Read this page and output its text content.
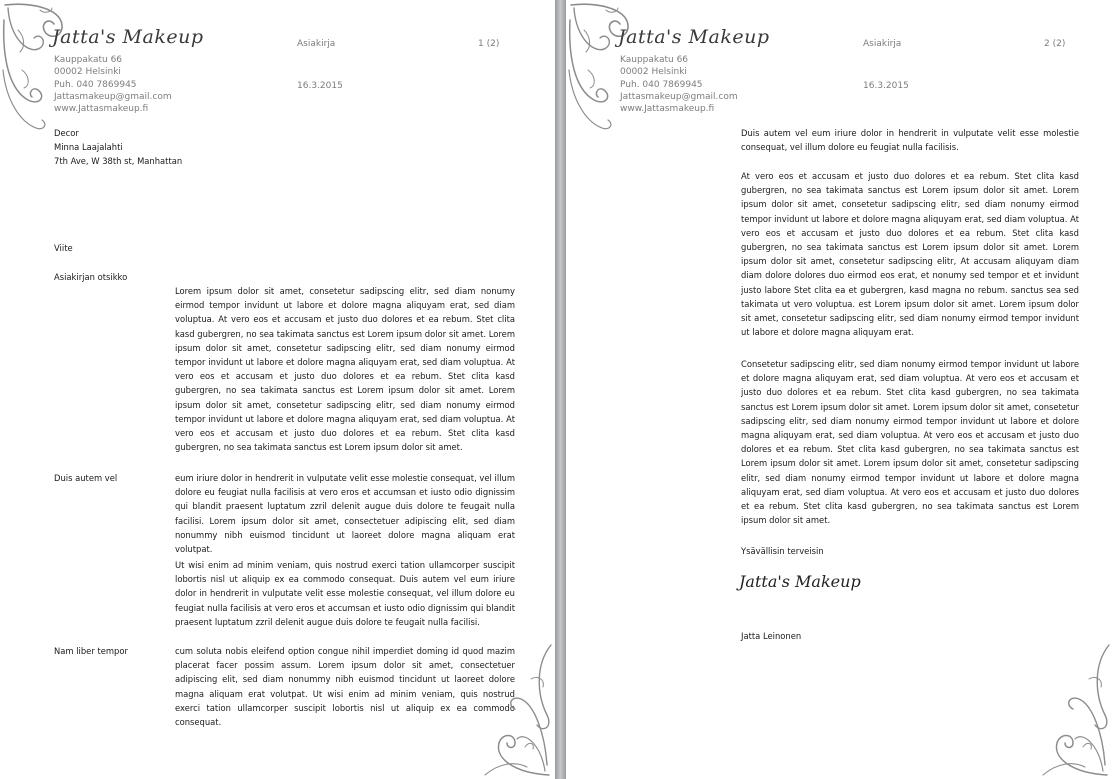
Jatta's Makeup
Kauppakatu 66
00002 Helsinki
Puh. 040 7869945
Jattasmakeup@gmail.com
www.Jattasmakeup.fi
Asiakirja	1 (2)
16.3.2015
Decor
Minna Laajalahti
7th Ave, W 38th st, Manhattan
Viite
Asiakirjan otsikko

Lorem ipsum dolor sit amet, consetetur sadipscing elitr, sed diam nonumy eirmod tempor invidunt ut labore et dolore magna aliquyam erat, sed diam voluptua. At vero eos et accusam et justo duo dolores et ea rebum. Stet clita kasd gubergren, no sea takimata sanctus est Lorem ipsum dolor sit amet. Lorem ipsum dolor sit amet, consetetur sadipscing elitr, sed diam nonumy eirmod tempor invidunt ut labore et dolore magna aliquyam erat, sed diam voluptua. At vero eos et accusam et justo duo dolores et ea rebum. Stet clita kasd gubergren, no sea takimata sanctus est Lorem ipsum dolor sit amet. Lorem ipsum dolor sit amet, consetetur sadipscing elitr, sed diam nonumy eirmod tempor invidunt ut labore et dolore magna aliquyam erat, sed diam voluptua. At vero eos et accusam et justo duo dolores et ea rebum. Stet clita kasd gubergren, no sea takimata sanctus est Lorem ipsum dolor sit amet.

Duis autem vel	eum iriure dolor in hendrerit in vulputate velit esse molestie consequat, vel illum dolore eu feugiat nulla facilisis at vero eros et accumsan et iusto odio dignissim qui blandit praesent luptatum zzril delenit augue duis dolore te feugait nulla facilisi. Lorem ipsum dolor sit amet, consectetuer adipiscing elit, sed diam nonummy nibh euismod tincidunt ut laoreet dolore magna aliquam erat volutpat.

Ut wisi enim ad minim veniam, quis nostrud exerci tation ullamcorper suscipit lobortis nisl ut aliquip ex ea commodo consequat. Duis autem vel eum iriure dolor in hendrerit in vulputate velit esse molestie consequat, vel illum dolore eu feugiat nulla facilisis at vero eros et accumsan et iusto odio dignissim qui blandit praesent luptatum zzril delenit augue duis dolore te feugait nulla facilisi.

Nam liber tempor	cum soluta nobis eleifend option congue nihil imperdiet doming id quod mazim placerat facer possim assum. Lorem ipsum dolor sit amet, consectetuer adipiscing elit, sed diam nonummy nibh euismod tincidunt ut laoreet dolore magna aliquam erat volutpat. Ut wisi enim ad minim veniam, quis nostrud exerci tation ullamcorper suscipit lobortis nisl ut aliquip ex ea commodo consequat.

Jatta's Makeup
Kauppakatu 66
00002 Helsinki
Puh. 040 7869945
Jattasmakeup@gmail.com
www.Jattasmakeup.fi
Asiakirja	2 (2)
16.3.2015

Duis autem vel eum iriure dolor in hendrerit in vulputate velit esse molestie consequat, vel illum dolore eu feugiat nulla facilisis.

At vero eos et accusam et justo duo dolores et ea rebum. Stet clita kasd gubergren, no sea takimata sanctus est Lorem ipsum dolor sit amet. Lorem ipsum dolor sit amet, consetetur sadipscing elitr, sed diam nonumy eirmod tempor invidunt ut labore et dolore magna aliquyam erat, sed diam voluptua. At vero eos et accusam et justo duo dolores et ea rebum. Stet clita kasd gubergren, no sea takimata sanctus est Lorem ipsum dolor sit amet. Lorem ipsum dolor sit amet, consetetur sadipscing elitr, At accusam aliquyam diam diam dolore dolores duo eirmod eos erat, et nonumy sed tempor et et invidunt justo labore Stet clita ea et gubergren, kasd magna no rebum. sanctus sea sed takimata ut vero voluptua. est Lorem ipsum dolor sit amet. Lorem ipsum dolor sit amet, consetetur sadipscing elitr, sed diam nonumy eirmod tempor invidunt ut labore et dolore magna aliquyam erat.

Consetetur sadipscing elitr, sed diam nonumy eirmod tempor invidunt ut labore et dolore magna aliquyam erat, sed diam voluptua. At vero eos et accusam et justo duo dolores et ea rebum. Stet clita kasd gubergren, no sea takimata sanctus est Lorem ipsum dolor sit amet. Lorem ipsum dolor sit amet, consetetur sadipscing elitr, sed diam nonumy eirmod tempor invidunt ut labore et dolore magna aliquyam erat, sed diam voluptua. At vero eos et accusam et justo duo dolores et ea rebum. Stet clita kasd gubergren, no sea takimata sanctus est Lorem ipsum dolor sit amet. Lorem ipsum dolor sit amet, consetetur sadipscing elitr, sed diam nonumy eirmod tempor invidunt ut labore et dolore magna aliquyam erat, sed diam voluptua. At vero eos et accusam et justo duo dolores et ea rebum. Stet clita kasd gubergren, no sea takimata sanctus est Lorem ipsum dolor sit amet.

Ysävällisin terveisin
Jatta's Makeup
Jatta Leinonen
